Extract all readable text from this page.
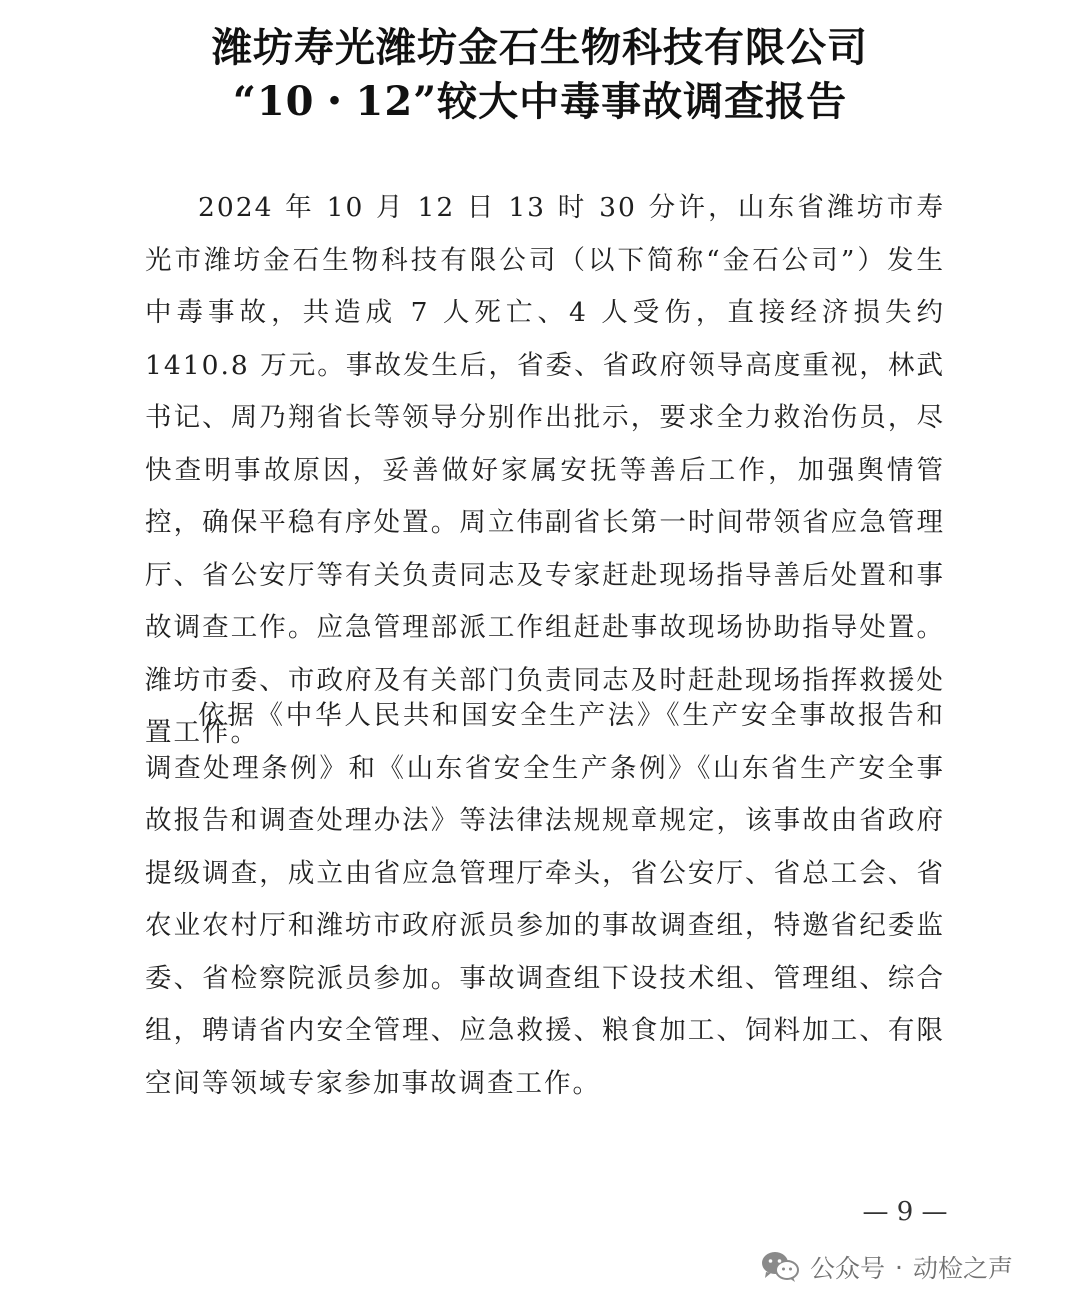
潍坊寿光潍坊金石生物科技有限公司
“10・12”较大中毒事故调查报告

2024 年 10 月 12 日 13 时 30 分许，山东省潍坊市寿光市潍坊金石生物科技有限公司（以下简称“金石公司”）发生中毒事故，共造成 7 人死亡、4 人受伤，直接经济损失约 1410.8 万元。事故发生后，省委、省政府领导高度重视，林武书记、周乃翔省长等领导分别作出批示，要求全力救治伤员，尽快查明事故原因，妥善做好家属安抚等善后工作，加强舆情管控，确保平稳有序处置。周立伟副省长第一时间带领省应急管理厅、省公安厅等有关负责同志及专家赶赴现场指导善后处置和事故调查工作。应急管理部派工作组赶赴事故现场协助指导处置。潍坊市委、市政府及有关部门负责同志及时赶赴现场指挥救援处置工作。

依据《中华人民共和国安全生产法》《生产安全事故报告和调查处理条例》和《山东省安全生产条例》《山东省生产安全事故报告和调查处理办法》等法律法规规章规定，该事故由省政府提级调查，成立由省应急管理厅牵头，省公安厅、省总工会、省农业农村厅和潍坊市政府派员参加的事故调查组，特邀省纪委监委、省检察院派员参加。事故调查组下设技术组、管理组、综合组，聘请省内安全管理、应急救援、粮食加工、饲料加工、有限空间等领域专家参加事故调查工作。

— 9 —
公众号 · 动检之声
